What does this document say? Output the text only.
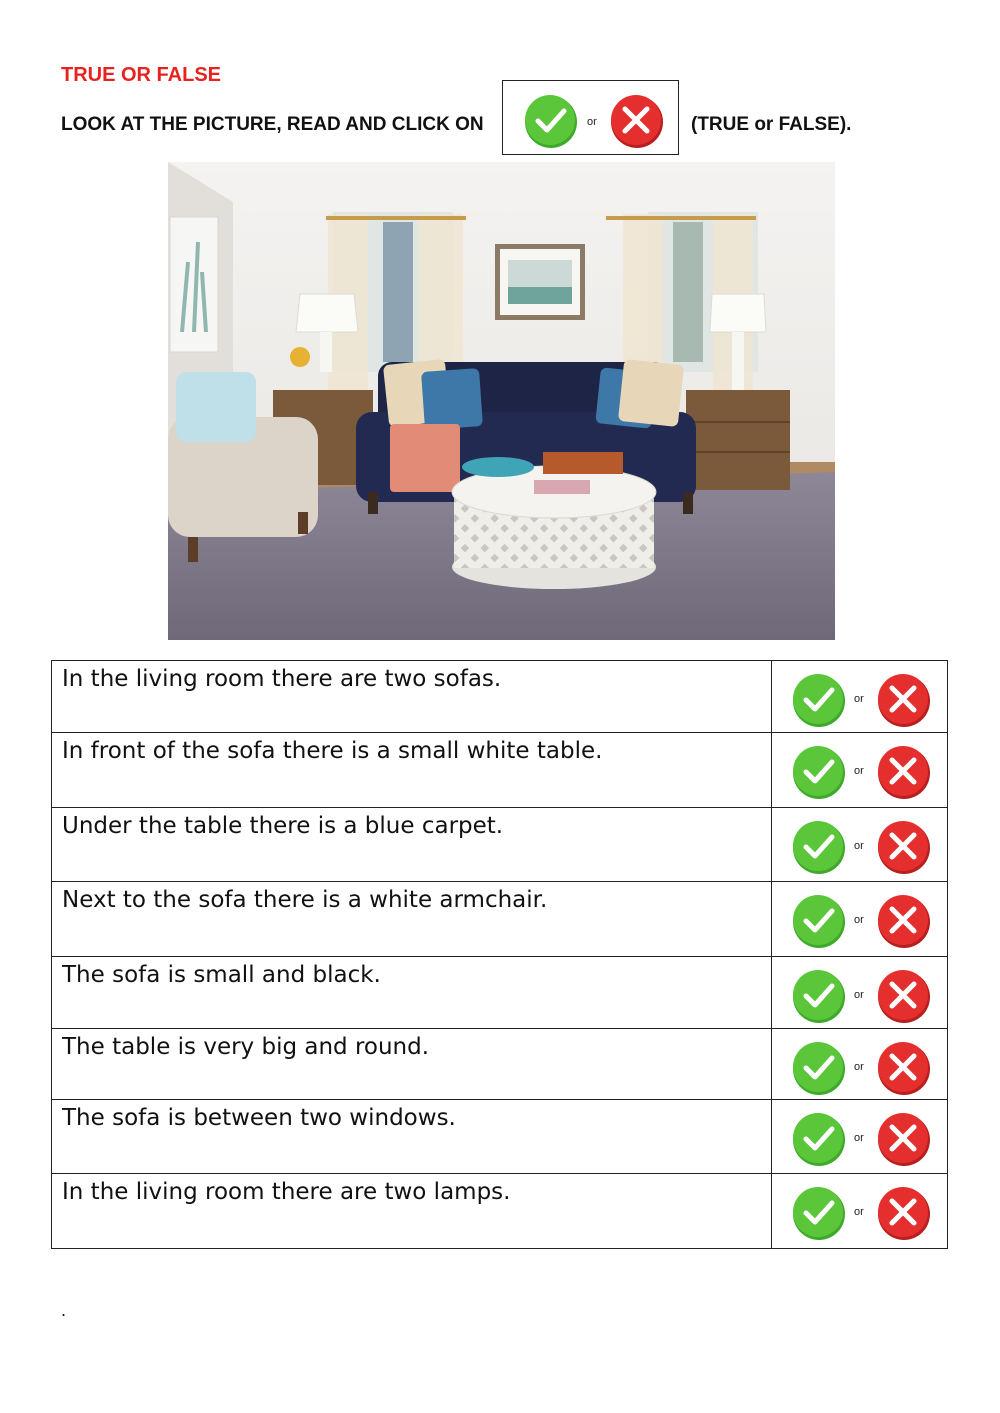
TRUE OR FALSE
LOOK AT THE PICTURE, READ AND CLICK ON	or	(TRUE or FALSE).
In the living room there are two sofas.	or

In front of the sofa there is a small white table.	or

Under the table there is a blue carpet.	or

Next to the sofa there is a white armchair.	or

The sofa is small and black.	or

The table is very big and round.	or

The sofa is between two windows.	or

In the living room there are two lamps.	or
.
